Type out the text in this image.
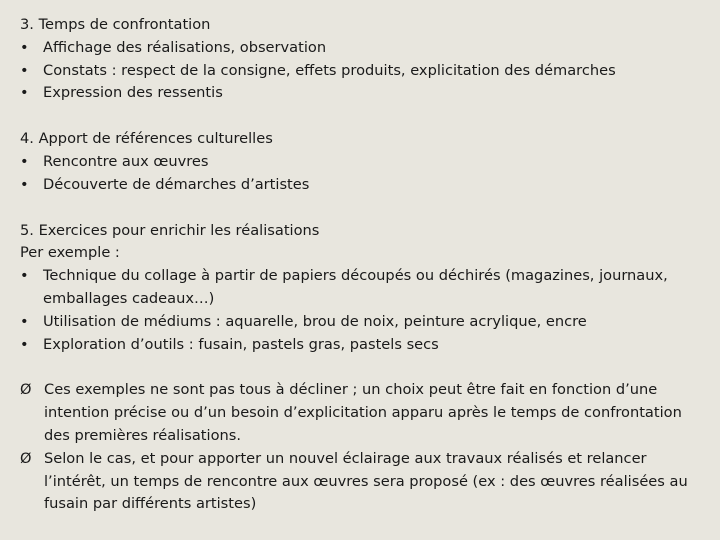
3. Temps de confrontation
• Affichage des réalisations, observation
• Constats : respect de la consigne, effets produits, explicitation des démarches
• Expression des ressentis
4. Apport de références culturelles
• Rencontre aux œuvres
• Découverte de démarches d’artistes
5. Exercices pour enrichir les réalisations
Per exemple :
• Technique du collage à partir de papiers découpés ou déchirés (magazines, journaux, emballages cadeaux…)
• Utilisation de médiums : aquarelle, brou de noix, peinture acrylique, encre
• Exploration d’outils : fusain, pastels gras, pastels secs
Ø Ces exemples ne sont pas tous à décliner ; un choix peut être fait en fonction d’une intention précise ou d’un besoin d’explicitation apparu après le temps de confrontation des premières réalisations.
Ø Selon le cas, et pour apporter un nouvel éclairage aux travaux réalisés et relancer l’intérêt, un temps de rencontre aux œuvres sera proposé (ex : des œuvres réalisées au fusain par différents artistes)
